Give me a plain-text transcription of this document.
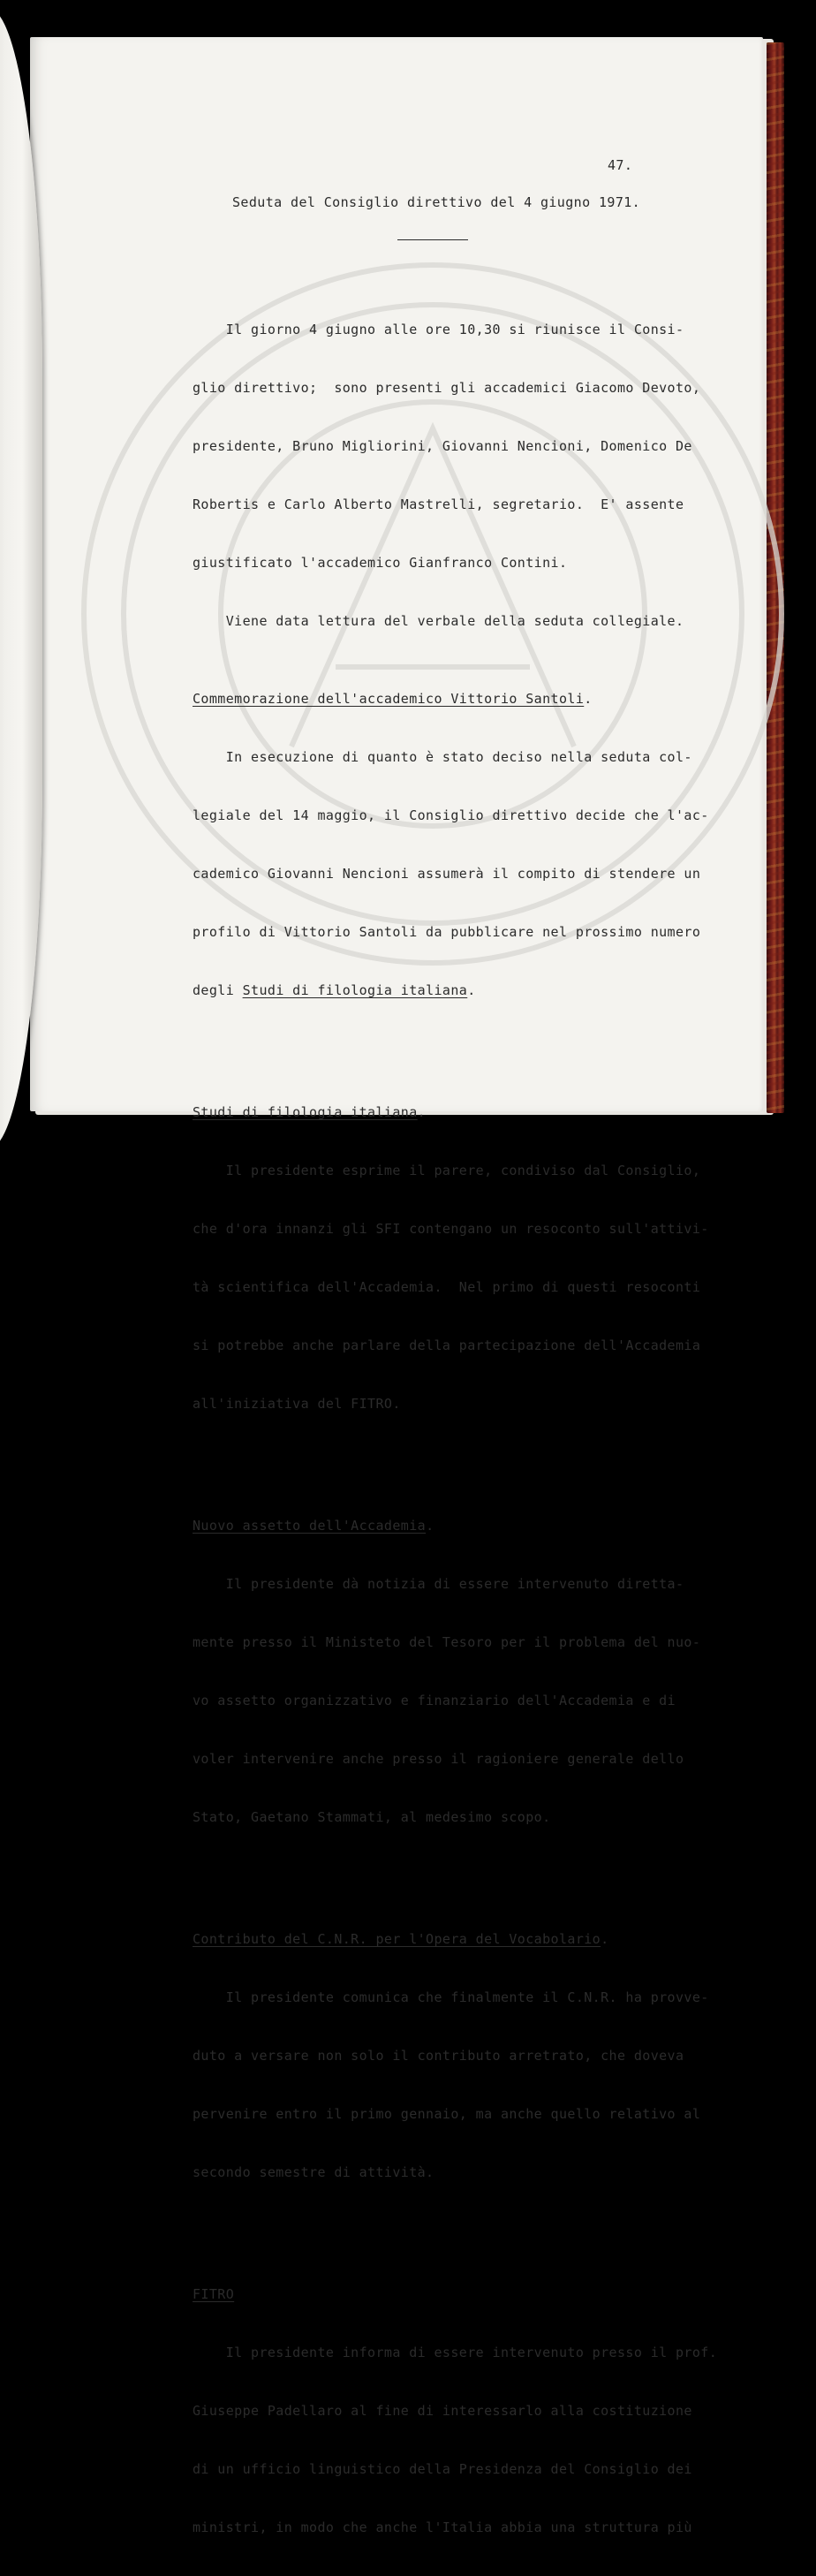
47.
Seduta del Consiglio direttivo del 4 giugno 1971.

Il giorno 4 giugno alle ore 10,30 si riunisce il Consi-

glio direttivo;  sono presenti gli accademici Giacomo Devoto,

presidente, Bruno Migliorini, Giovanni Nencioni, Domenico De

Robertis e Carlo Alberto Mastrelli, segretario.  E' assente

giustificato l'accademico Gianfranco Contini.

Viene data lettura del verbale della seduta collegiale.

Commemorazione dell'accademico Vittorio Santoli.

In esecuzione di quanto è stato deciso nella seduta col-

legiale del 14 maggio, il Consiglio direttivo decide che l'ac-

cademico Giovanni Nencioni assumerà il compito di stendere un

profilo di Vittorio Santoli da pubblicare nel prossimo numero

degli Studi di filologia italiana.

Studi di filologia italiana.

Il presidente esprime il parere, condiviso dal Consiglio,

che d'ora innanzi gli SFI contengano un resoconto sull'attivi-

tà scientifica dell'Accademia.  Nel primo di questi resoconti

si potrebbe anche parlare della partecipazione dell'Accademia

all'iniziativa del FITRO.

Nuovo assetto dell'Accademia.

Il presidente dà notizia di essere intervenuto diretta-

mente presso il Ministeto del Tesoro per il problema del nuo-

vo assetto organizzativo e finanziario dell'Accademia e di

voler intervenire anche presso il ragioniere generale dello

Stato, Gaetano Stammati, al medesimo scopo.

Contributo del C.N.R. per l'Opera del Vocabolario.

Il presidente comunica che finalmente il C.N.R. ha provve-

duto a versare non solo il contributo arretrato, che doveva

pervenire entro il primo gennaio, ma anche quello relativo al

secondo semestre di attività.

FITRO

Il presidente informa di essere intervenuto presso il prof.

Giuseppe Padellaro al fine di interessarlo alla costituzione

di un ufficio linguistico della Presidenza del Consiglio dei

ministri, in modo che anche l'Italia abbia una struttura più
